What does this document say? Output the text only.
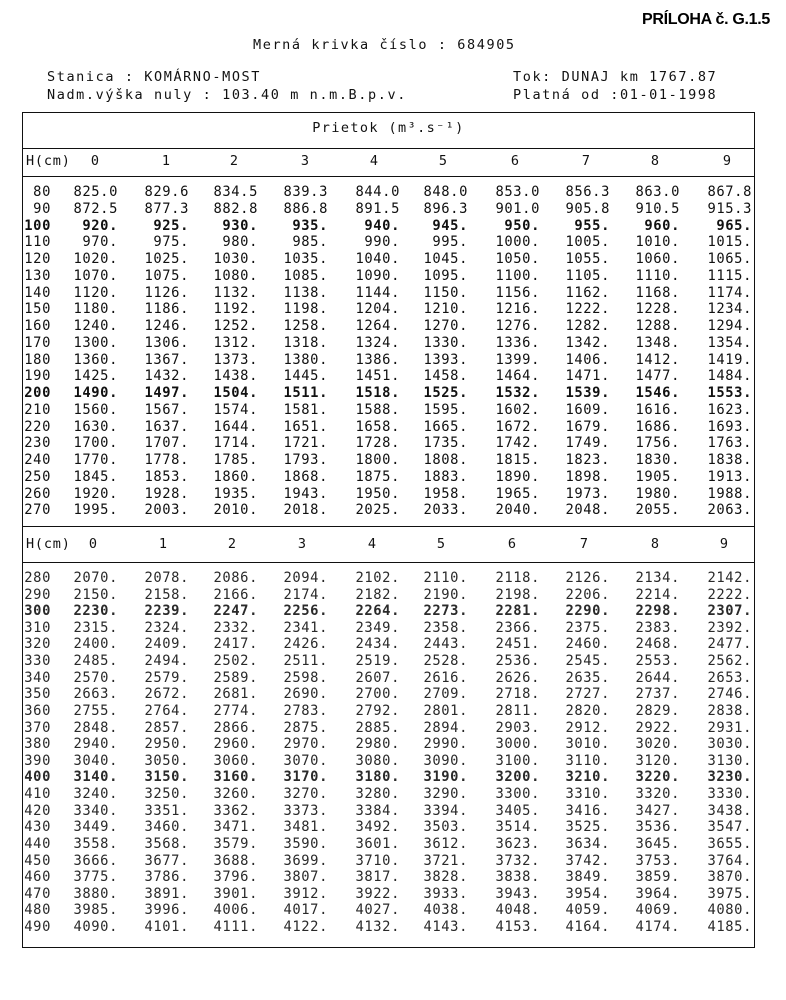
PRÍLOHA č. G.1.5
Merná krivka číslo : 684905
Stanica : KOMÁRNO-MOST
Nadm.výška nuly : 103.40 m n.m.B.p.v.
Tok: DUNAJ km 1767.87
Platná od :01-01-1998
Prietok (m³.s⁻¹)
H(cm)	0	1	2	3	4	5	6	7	8	9
80	825.0	829.6	834.5	839.3	844.0	848.0	853.0	856.3	863.0	867.8
90	872.5	877.3	882.8	886.8	891.5	896.3	901.0	905.8	910.5	915.3
100	920.	925.	930.	935.	940.	945.	950.	955.	960.	965.
110	970.	975.	980.	985.	990.	995.	1000.	1005.	1010.	1015.
120	1020.	1025.	1030.	1035.	1040.	1045.	1050.	1055.	1060.	1065.
130	1070.	1075.	1080.	1085.	1090.	1095.	1100.	1105.	1110.	1115.
140	1120.	1126.	1132.	1138.	1144.	1150.	1156.	1162.	1168.	1174.
150	1180.	1186.	1192.	1198.	1204.	1210.	1216.	1222.	1228.	1234.
160	1240.	1246.	1252.	1258.	1264.	1270.	1276.	1282.	1288.	1294.
170	1300.	1306.	1312.	1318.	1324.	1330.	1336.	1342.	1348.	1354.
180	1360.	1367.	1373.	1380.	1386.	1393.	1399.	1406.	1412.	1419.
190	1425.	1432.	1438.	1445.	1451.	1458.	1464.	1471.	1477.	1484.
200	1490.	1497.	1504.	1511.	1518.	1525.	1532.	1539.	1546.	1553.
210	1560.	1567.	1574.	1581.	1588.	1595.	1602.	1609.	1616.	1623.
220	1630.	1637.	1644.	1651.	1658.	1665.	1672.	1679.	1686.	1693.
230	1700.	1707.	1714.	1721.	1728.	1735.	1742.	1749.	1756.	1763.
240	1770.	1778.	1785.	1793.	1800.	1808.	1815.	1823.	1830.	1838.
250	1845.	1853.	1860.	1868.	1875.	1883.	1890.	1898.	1905.	1913.
260	1920.	1928.	1935.	1943.	1950.	1958.	1965.	1973.	1980.	1988.
270	1995.	2003.	2010.	2018.	2025.	2033.	2040.	2048.	2055.	2063.
H(cm)	0	1	2	3	4	5	6	7	8	9
280	2070.	2078.	2086.	2094.	2102.	2110.	2118.	2126.	2134.	2142.
290	2150.	2158.	2166.	2174.	2182.	2190.	2198.	2206.	2214.	2222.
300	2230.	2239.	2247.	2256.	2264.	2273.	2281.	2290.	2298.	2307.
310	2315.	2324.	2332.	2341.	2349.	2358.	2366.	2375.	2383.	2392.
320	2400.	2409.	2417.	2426.	2434.	2443.	2451.	2460.	2468.	2477.
330	2485.	2494.	2502.	2511.	2519.	2528.	2536.	2545.	2553.	2562.
340	2570.	2579.	2589.	2598.	2607.	2616.	2626.	2635.	2644.	2653.
350	2663.	2672.	2681.	2690.	2700.	2709.	2718.	2727.	2737.	2746.
360	2755.	2764.	2774.	2783.	2792.	2801.	2811.	2820.	2829.	2838.
370	2848.	2857.	2866.	2875.	2885.	2894.	2903.	2912.	2922.	2931.
380	2940.	2950.	2960.	2970.	2980.	2990.	3000.	3010.	3020.	3030.
390	3040.	3050.	3060.	3070.	3080.	3090.	3100.	3110.	3120.	3130.
400	3140.	3150.	3160.	3170.	3180.	3190.	3200.	3210.	3220.	3230.
410	3240.	3250.	3260.	3270.	3280.	3290.	3300.	3310.	3320.	3330.
420	3340.	3351.	3362.	3373.	3384.	3394.	3405.	3416.	3427.	3438.
430	3449.	3460.	3471.	3481.	3492.	3503.	3514.	3525.	3536.	3547.
440	3558.	3568.	3579.	3590.	3601.	3612.	3623.	3634.	3645.	3655.
450	3666.	3677.	3688.	3699.	3710.	3721.	3732.	3742.	3753.	3764.
460	3775.	3786.	3796.	3807.	3817.	3828.	3838.	3849.	3859.	3870.
470	3880.	3891.	3901.	3912.	3922.	3933.	3943.	3954.	3964.	3975.
480	3985.	3996.	4006.	4017.	4027.	4038.	4048.	4059.	4069.	4080.
490	4090.	4101.	4111.	4122.	4132.	4143.	4153.	4164.	4174.	4185.
